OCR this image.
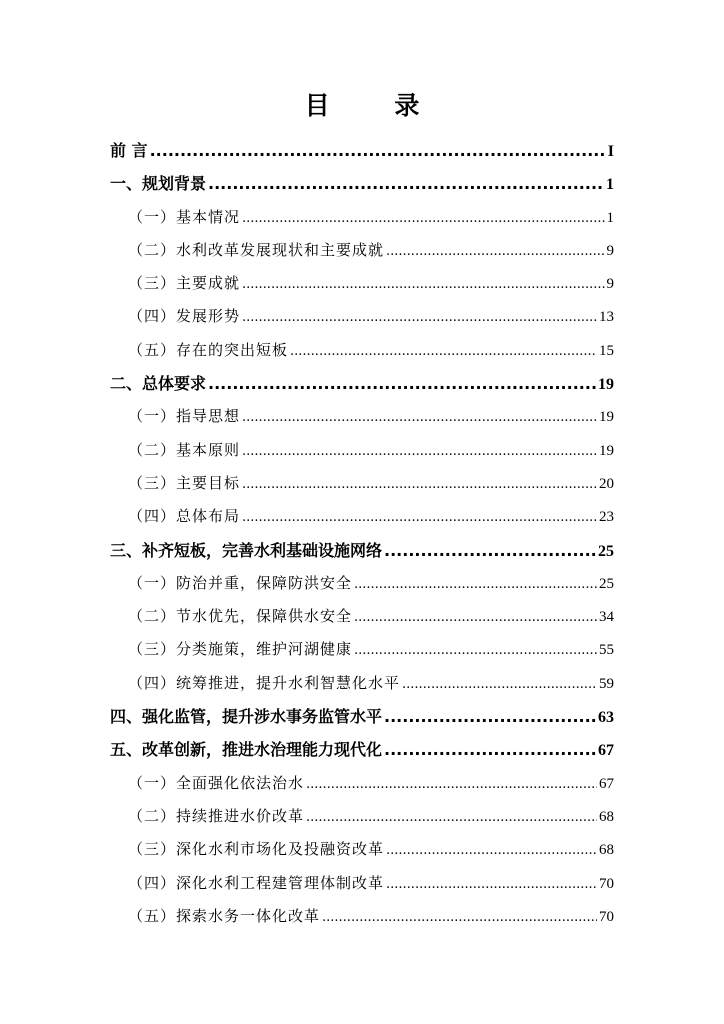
目 录
前 言 .....	I
一、规划背景 .....	1
（一）基本情况 .....	1
（二）水利改革发展现状和主要成就 .....	9
（三）主要成就 .....	9
（四）发展形势 .....	13
（五）存在的突出短板 .....	15
二、总体要求 .....	19
（一）指导思想 .....	19
（二）基本原则 .....	19
（三）主要目标 .....	20
（四）总体布局 .....	23
三、补齐短板，完善水利基础设施网络 .....	25
（一）防治并重，保障防洪安全 .....	25
（二）节水优先，保障供水安全 .....	34
（三）分类施策，维护河湖健康 .....	55
（四）统筹推进，提升水利智慧化水平 .....	59
四、强化监管，提升涉水事务监管水平 .....	63
五、改革创新，推进水治理能力现代化 .....	67
（一）全面强化依法治水 .....	67
（二）持续推进水价改革 .....	68
（三）深化水利市场化及投融资改革 .....	68
（四）深化水利工程建管理体制改革 .....	70
（五）探索水务一体化改革 .....	70
